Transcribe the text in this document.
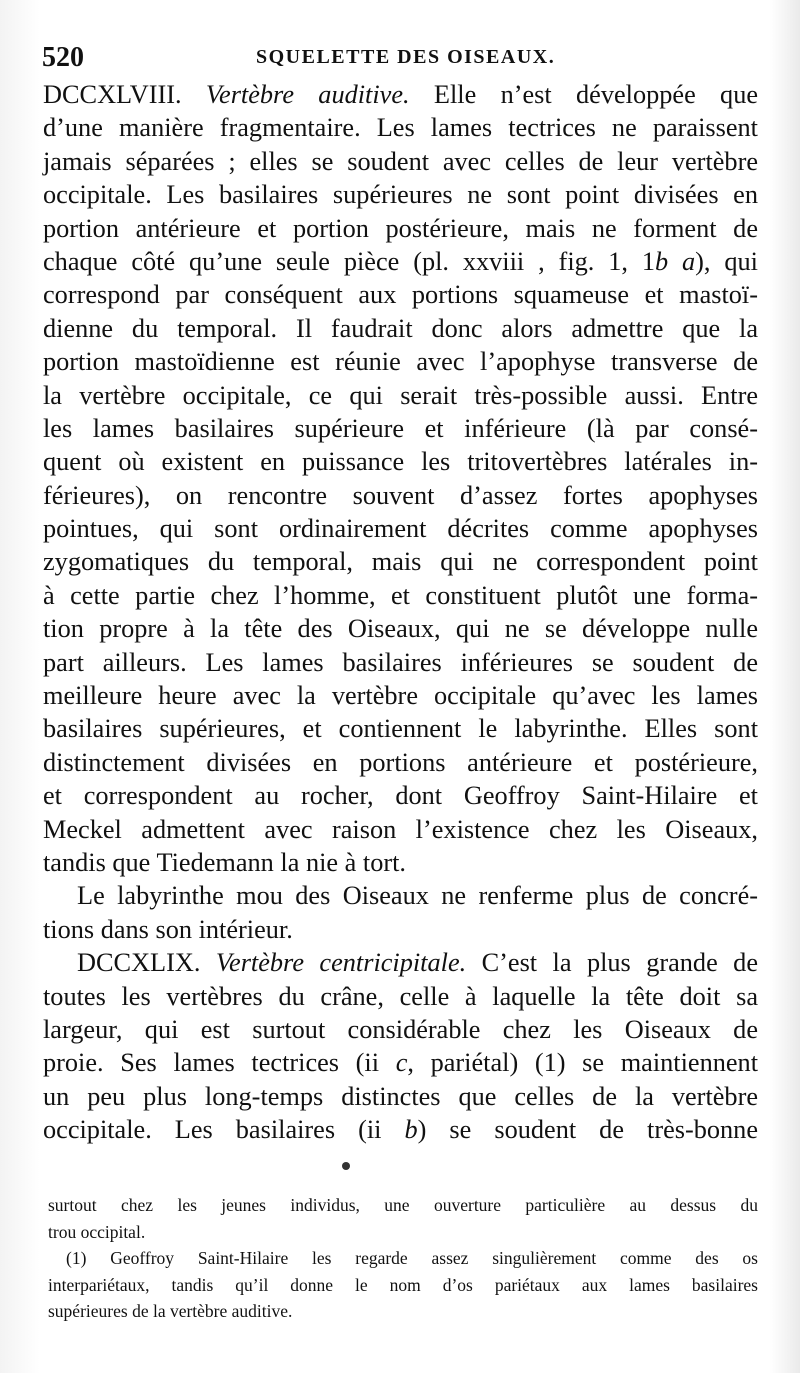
520	SQUELETTE DES OISEAUX.
DCCXLVIII. Vertèbre auditive. Elle n’est développée que
d’une manière fragmentaire. Les lames tectrices ne paraissent
jamais séparées ; elles se soudent avec celles de leur vertèbre
occipitale. Les basilaires supérieures ne sont point divisées en
portion antérieure et portion postérieure, mais ne forment de
chaque côté qu’une seule pièce (pl. xxviii , fig. 1, 1b a), qui
correspond par conséquent aux portions squameuse et mastoï-
dienne du temporal. Il faudrait donc alors admettre que la
portion mastoïdienne est réunie avec l’apophyse transverse de
la vertèbre occipitale, ce qui serait très-possible aussi. Entre
les lames basilaires supérieure et inférieure (là par consé-
quent où existent en puissance les tritovertèbres latérales in-
férieures), on rencontre souvent d’assez fortes apophyses
pointues, qui sont ordinairement décrites comme apophyses
zygomatiques du temporal, mais qui ne correspondent point
à cette partie chez l’homme, et constituent plutôt une forma-
tion propre à la tête des Oiseaux, qui ne se développe nulle
part ailleurs. Les lames basilaires inférieures se soudent de
meilleure heure avec la vertèbre occipitale qu’avec les lames
basilaires supérieures, et contiennent le labyrinthe. Elles sont
distinctement divisées en portions antérieure et postérieure,
et correspondent au rocher, dont Geoffroy Saint-Hilaire et
Meckel admettent avec raison l’existence chez les Oiseaux,
tandis que Tiedemann la nie à tort.
Le labyrinthe mou des Oiseaux ne renferme plus de concré-
tions dans son intérieur.
DCCXLIX. Vertèbre centricipitale. C’est la plus grande de
toutes les vertèbres du crâne, celle à laquelle la tête doit sa
largeur, qui est surtout considérable chez les Oiseaux de
proie. Ses lames tectrices (ii c, pariétal) (1) se maintiennent
un peu plus long-temps distinctes que celles de la vertèbre
occipitale. Les basilaires (ii b) se soudent de très-bonne
surtout chez les jeunes individus, une ouverture particulière au dessus du
trou occipital.
(1) Geoffroy Saint-Hilaire les regarde assez singulièrement comme des os
interpariétaux, tandis qu’il donne le nom d’os pariétaux aux lames basilaires
supérieures de la vertèbre auditive.
